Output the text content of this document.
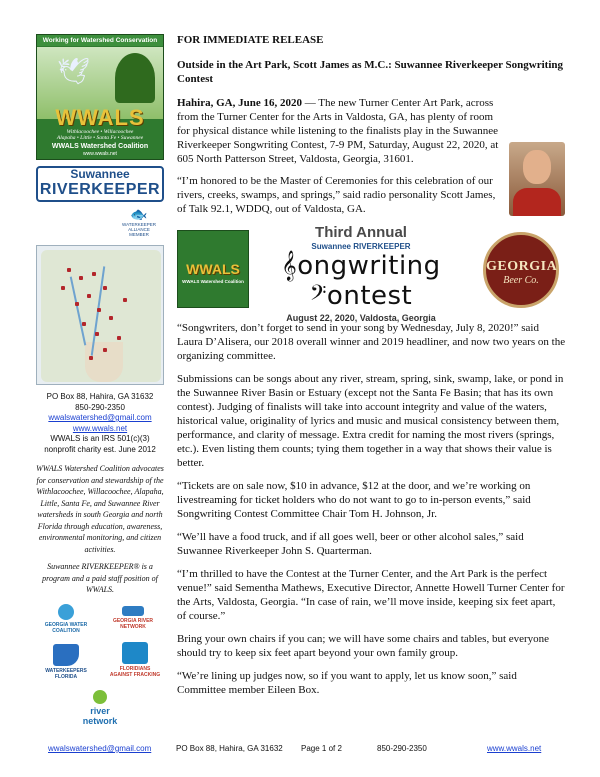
Working for Watershed Conservation
🕊
WWALS
Withlacoochee • Willacoochee
Alapaha • Little • Santa Fe • Suwannee
WWALS Watershed Coalition
www.wwals.net
Suwannee
RIVERKEEPER
🐟
WATERKEEPER ALLIANCE
MEMBER
PO Box 88, Hahira, GA 31632
850-290-2350
wwalswatershed@gmail.com
www.wwals.net
WWALS is an IRS 501(c)(3)
nonprofit charity est. June 2012
WWALS Watershed Coalition advocates for conservation and stewardship of the Withlacoochee, Willacoochee, Alapaha, Little, Santa Fe, and Suwannee River watersheds in south Georgia and north Florida through education, awareness, environmental monitoring, and citizen activities.
Suwannee RIVERKEEPER® is a program and a paid staff position of WWALS.
GEORGIA WATER COALITION
GEORGIA RIVER NETWORK
WATERKEEPERS FLORIDA
FLORIDIANS AGAINST FRACKING
river network
FOR IMMEDIATE RELEASE
Outside in the Art Park, Scott James as M.C.: Suwannee Riverkeeper Songwriting Contest
Hahira, GA, June 16, 2020 — The new Turner Center Art Park, across from the Turner Center for the Arts in Valdosta, GA, has plenty of room for physical distance while listening to the finalists play in the Suwannee Riverkeeper Songwriting Contest, 7-9 PM, Saturday, August 22, 2020, at 605 North Patterson Street, Valdosta, Georgia, 31601.
“I’m honored to be the Master of Ceremonies for this celebration of our rivers, creeks, swamps, and springs,” said radio personality Scott James, of Talk 92.1, WDDQ, out of Valdosta, GA.
WWALS
WWALS Watershed Coalition
Third Annual
Suwannee RIVERKEEPER
𝄞ongwriting 𝄢ontest
August 22, 2020, Valdosta, Georgia
GEORGIA
Beer Co.
“Songwriters, don’t forget to send in your song by Wednesday, July 8, 2020!” said Laura D’Alisera, our 2018 overall winner and 2019 headliner, and now two years on the organizing committee.
Submissions can be songs about any river, stream, spring, sink, swamp, lake, or pond in the Suwannee River Basin or Estuary (except not the Santa Fe Basin; that has its own contest). Judging of finalists will take into account integrity and value of the waters, historical value, originality of lyrics and music and musical consistency between them, performance, and clarity of message. Extra credit for naming the most rivers (springs, etc.). Even listing them counts; tying them together in a way that shows their value is better.
“Tickets are on sale now, $10 in advance, $12 at the door, and we’re working on livestreaming for ticket holders who do not want to go to in-person events,” said Songwriting Contest Committee Chair Tom H. Johnson, Jr.
“We’ll have a food truck, and if all goes well, beer or other alcohol sales,” said Suwannee Riverkeeper John S. Quarterman.
“I’m thrilled to have the Contest at the Turner Center, and the Art Park is the perfect venue!” said Sementha Mathews, Executive Director, Annette Howell Turner Center for the Arts, Valdosta, Georgia. “In case of rain, we’ll move inside, keeping six feet apart, of course.”
Bring your own chairs if you can; we will have some chairs and tables, but everyone should try to keep six feet apart beyond your own family group.
“We’re lining up judges now, so if you want to apply, let us know soon,” said Committee member Eileen Box.
wwalswatershed@gmail.com	PO Box 88, Hahira, GA 31632 Page 1 of 2	850-290-2350	www.wwals.net
